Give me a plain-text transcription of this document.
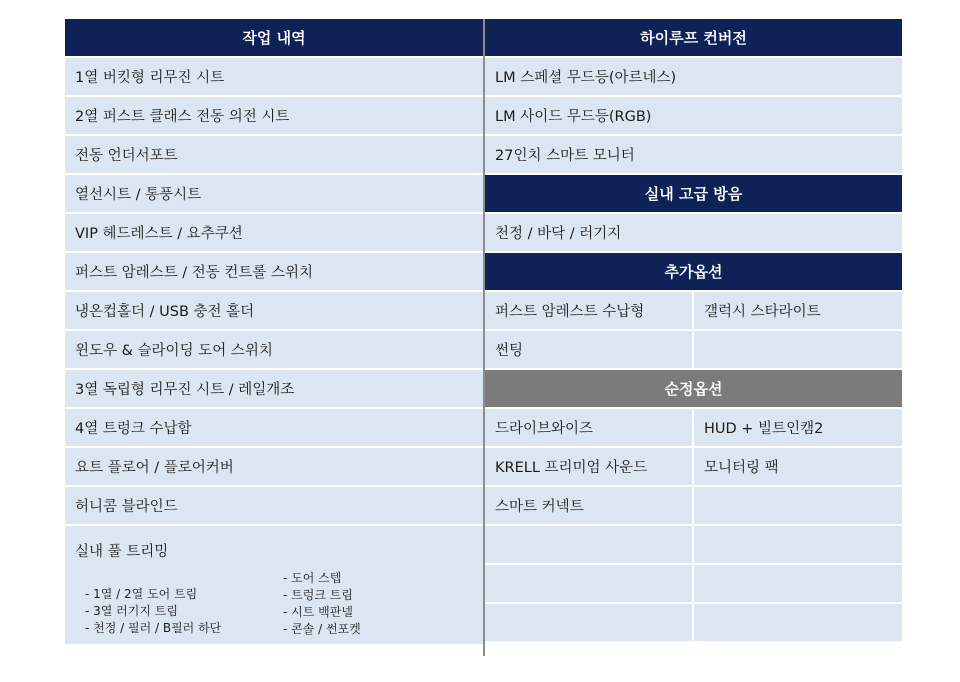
작업 내역
1열 버킷형 리무진 시트
2열 퍼스트 클래스 전동 의전 시트
전동 언더서포트
열선시트 / 통풍시트
VIP 헤드레스트 / 요추쿠션
퍼스트 암레스트 / 전동 컨트롤 스위치
냉온컵홀더 / USB 충전 홀더
윈도우 & 슬라이딩 도어 스위치
3열 독립형 리무진 시트 / 레일개조
4열 트렁크 수납함
요트 플로어 / 플로어커버
허니콤 블라인드
실내 풀 트리밍
- 1열 / 2열 도어 트림
- 3열 러기지 트림
- 천정 / 필러 / B필러 하단
- 도어 스텝
- 트렁크 트림
- 시트 백판넬
- 콘솔 / 썬포켓
하이루프 컨버전
LM 스페셜 무드등(아르네스)
LM 사이드 무드등(RGB)
27인치 스마트 모니터
실내 고급 방음
천정 / 바닥 / 러기지
추가옵션
퍼스트 암레스트 수납형	갤럭시 스타라이트
썬팅
순정옵션
드라이브와이즈	HUD + 빌트인캠2
KRELL 프리미엄 사운드	모니터링 팩
스마트 커넥트
